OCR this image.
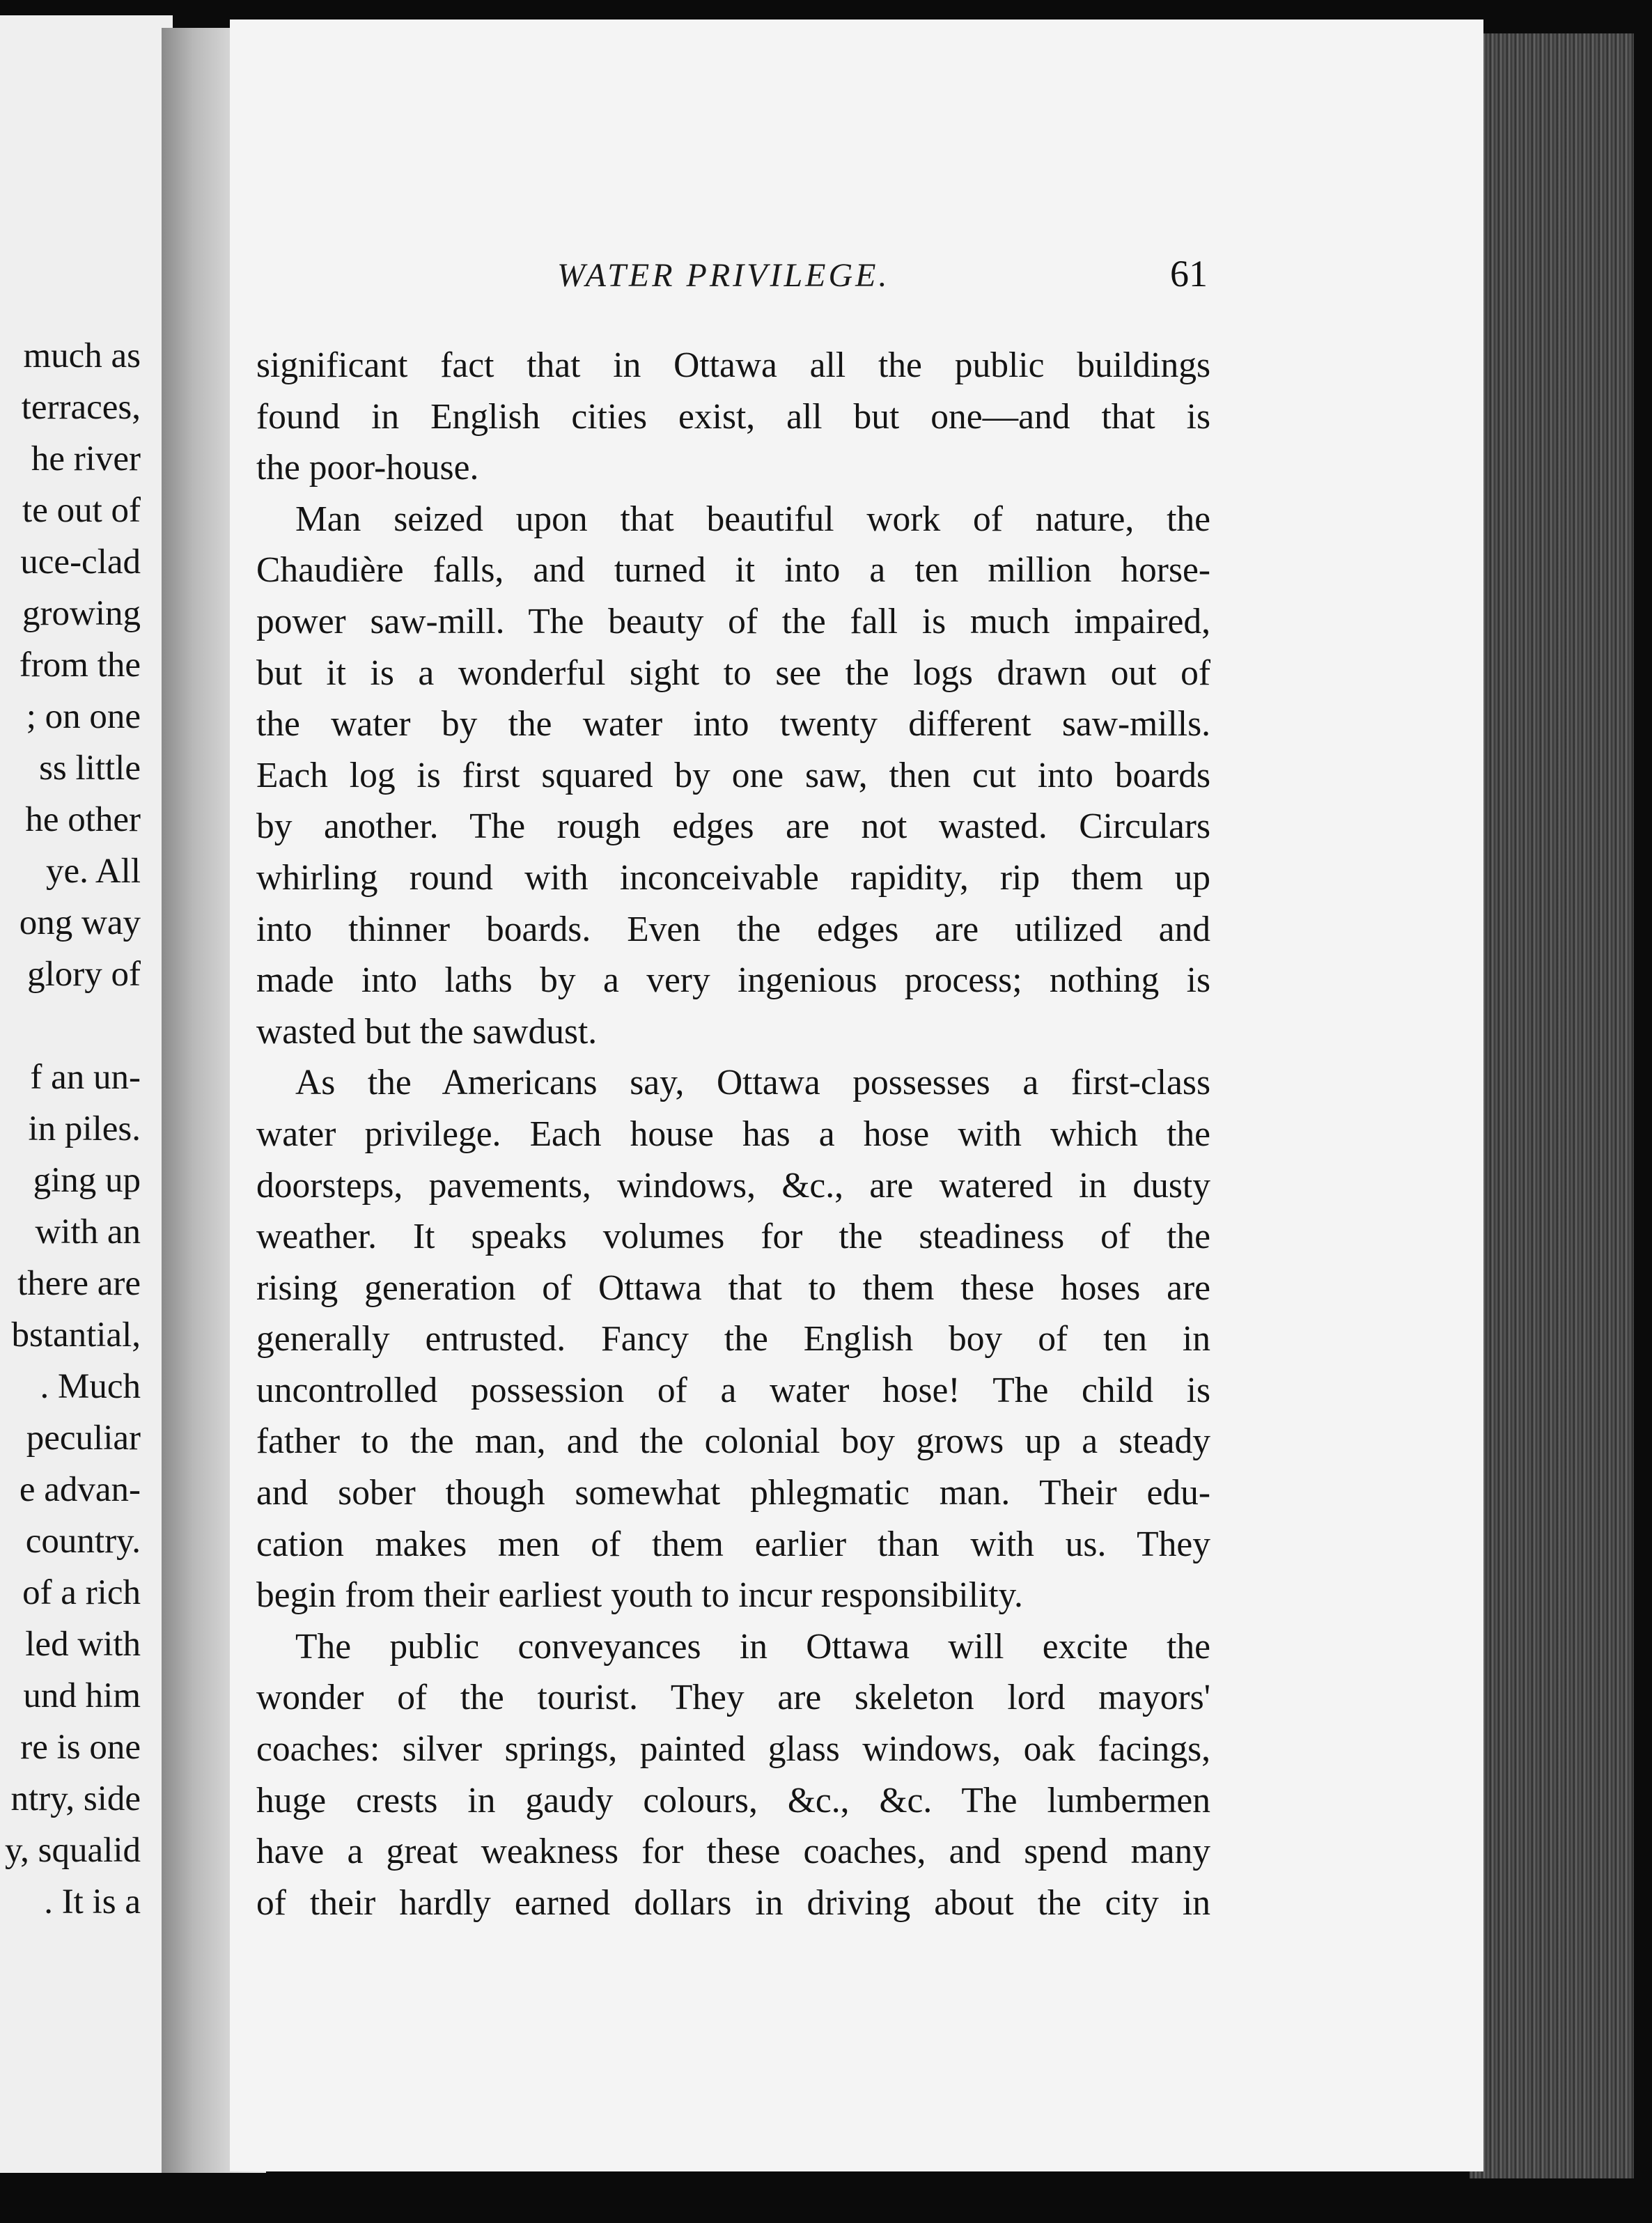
much as
terraces,
he river
te out of
uce-clad
growing
from the
; on one
ss little
he other
ye. All
ong way
glory of
f an un-
in piles.
ging up
with an
there are
bstantial,
. Much
peculiar
e advan-
country.
of a rich
led with
und him
re is one
ntry, side
y, squalid
. It is a
WATER PRIVILEGE.	61
significant fact that in Ottawa all the public buildings
found in English cities exist, all but one—and that is
the poor-house.
Man seized upon that beautiful work of nature, the
Chaudière falls, and turned it into a ten million horse-
power saw-mill. The beauty of the fall is much impaired,
but it is a wonderful sight to see the logs drawn out of
the water by the water into twenty different saw-mills.
Each log is first squared by one saw, then cut into boards
by another. The rough edges are not wasted. Circulars
whirling round with inconceivable rapidity, rip them up
into thinner boards. Even the edges are utilized and
made into laths by a very ingenious process; nothing is
wasted but the sawdust.
As the Americans say, Ottawa possesses a first-class
water privilege. Each house has a hose with which the
doorsteps, pavements, windows, &c., are watered in dusty
weather. It speaks volumes for the steadiness of the
rising generation of Ottawa that to them these hoses are
generally entrusted. Fancy the English boy of ten in
uncontrolled possession of a water hose! The child is
father to the man, and the colonial boy grows up a steady
and sober though somewhat phlegmatic man. Their edu-
cation makes men of them earlier than with us. They
begin from their earliest youth to incur responsibility.
The public conveyances in Ottawa will excite the
wonder of the tourist. They are skeleton lord mayors'
coaches: silver springs, painted glass windows, oak facings,
huge crests in gaudy colours, &c., &c. The lumbermen
have a great weakness for these coaches, and spend many
of their hardly earned dollars in driving about the city in
